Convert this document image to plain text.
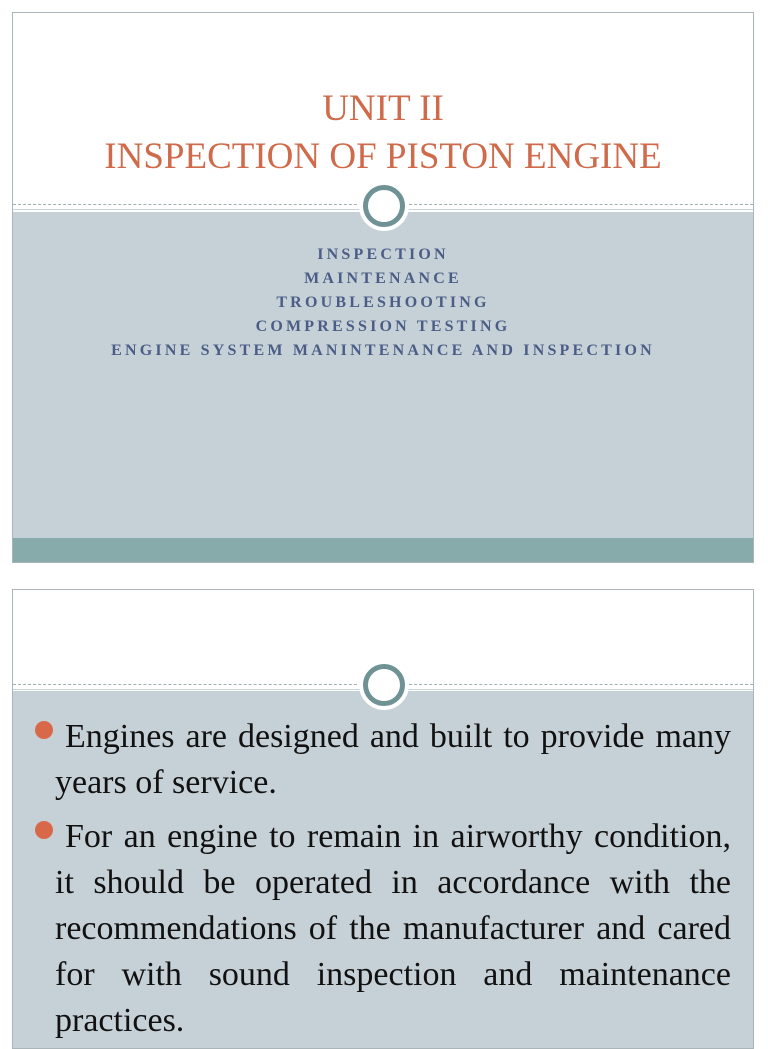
UNIT II
INSPECTION OF PISTON ENGINE
INSPECTION
MAINTENANCE
TROUBLESHOOTING
COMPRESSION TESTING
ENGINE SYSTEM MANINTENANCE AND INSPECTION
Engines are designed and built to provide many years of service.
For an engine to remain in airworthy condition, it should be operated in accordance with the recommendations of the manufacturer and cared for with sound inspection and maintenance practices.
